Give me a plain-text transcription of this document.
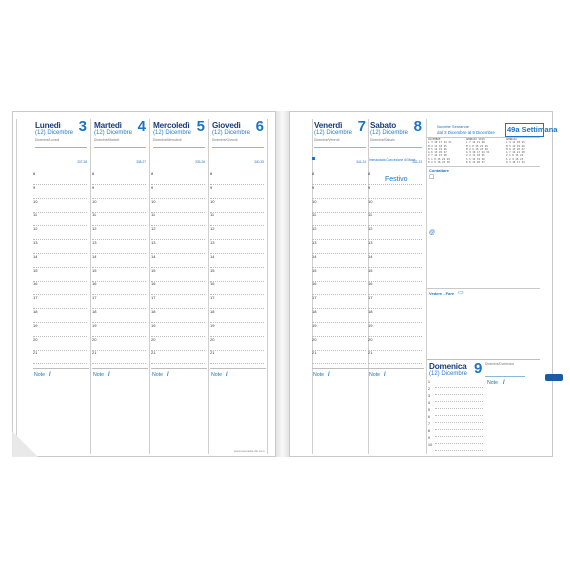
Nuvette Semanne
dal 3 Dicembre al 9 Dicembre 49a Settimana
DICEMBRE
L 3 10 17 24 31
M 4 11 18 25
M 5 12 19 26
G 6 13 20 27
V 7 14 21 28
S 1 8 15 22 29
D 2 9 16 23 30
GENNAIO 2019
L 7 14 21 28
M 1 8 15 22 29
M 2 9 16 23 30
G 3 10 17 24 31
V 4 11 18 25
S 5 12 19 26
D 6 13 20 27
GENNAIO
L 4 11 18 25
M 5 12 19 26
M 6 13 20 27
G 7 14 21 28
V 1 8 15 22
S 2 9 16 23
D 3 10 17 24
Contattare
☐
@
Vedere - Fare ▭
Domenica
(12) Dicembre 9 Dicembre/Domenica
Note /
1
2
3
4
5
6
7
8
9
10
Lunedì
(12) Dicembre 3
Dicembre/Lunedì
337-28
8
9
10
11
12
13
14
15
16
17
18
19
20
21
Note /
Martedì
(12) Dicembre 4
Dicembre/Martedì
338-27
8
9
10
11
12
13
14
15
16
17
18
19
20
21
Note /
Mercoledì
(12) Dicembre 5
Dicembre/Mercoledì
339-26
8
9
10
11
12
13
14
15
16
17
18
19
20
21
Note /
Giovedì
(12) Dicembre 6
Dicembre/Giovedì
340-25
8
9
10
11
12
13
14
15
16
17
18
19
20
21
Note /
Venerdì
(12) Dicembre 7
Dicembre/Venerdì
341-24
8
9
10
11
12
13
14
15
16
17
18
19
20
21
Note /
Sabato
(12) Dicembre 8
Dicembre/Sabato
342-23
8
9
10
11
12
13
14
15
16
17
18
19
20
21
Note /
www.quovadis-dis.com
Immacolata Concezione di Maria
Festivo
